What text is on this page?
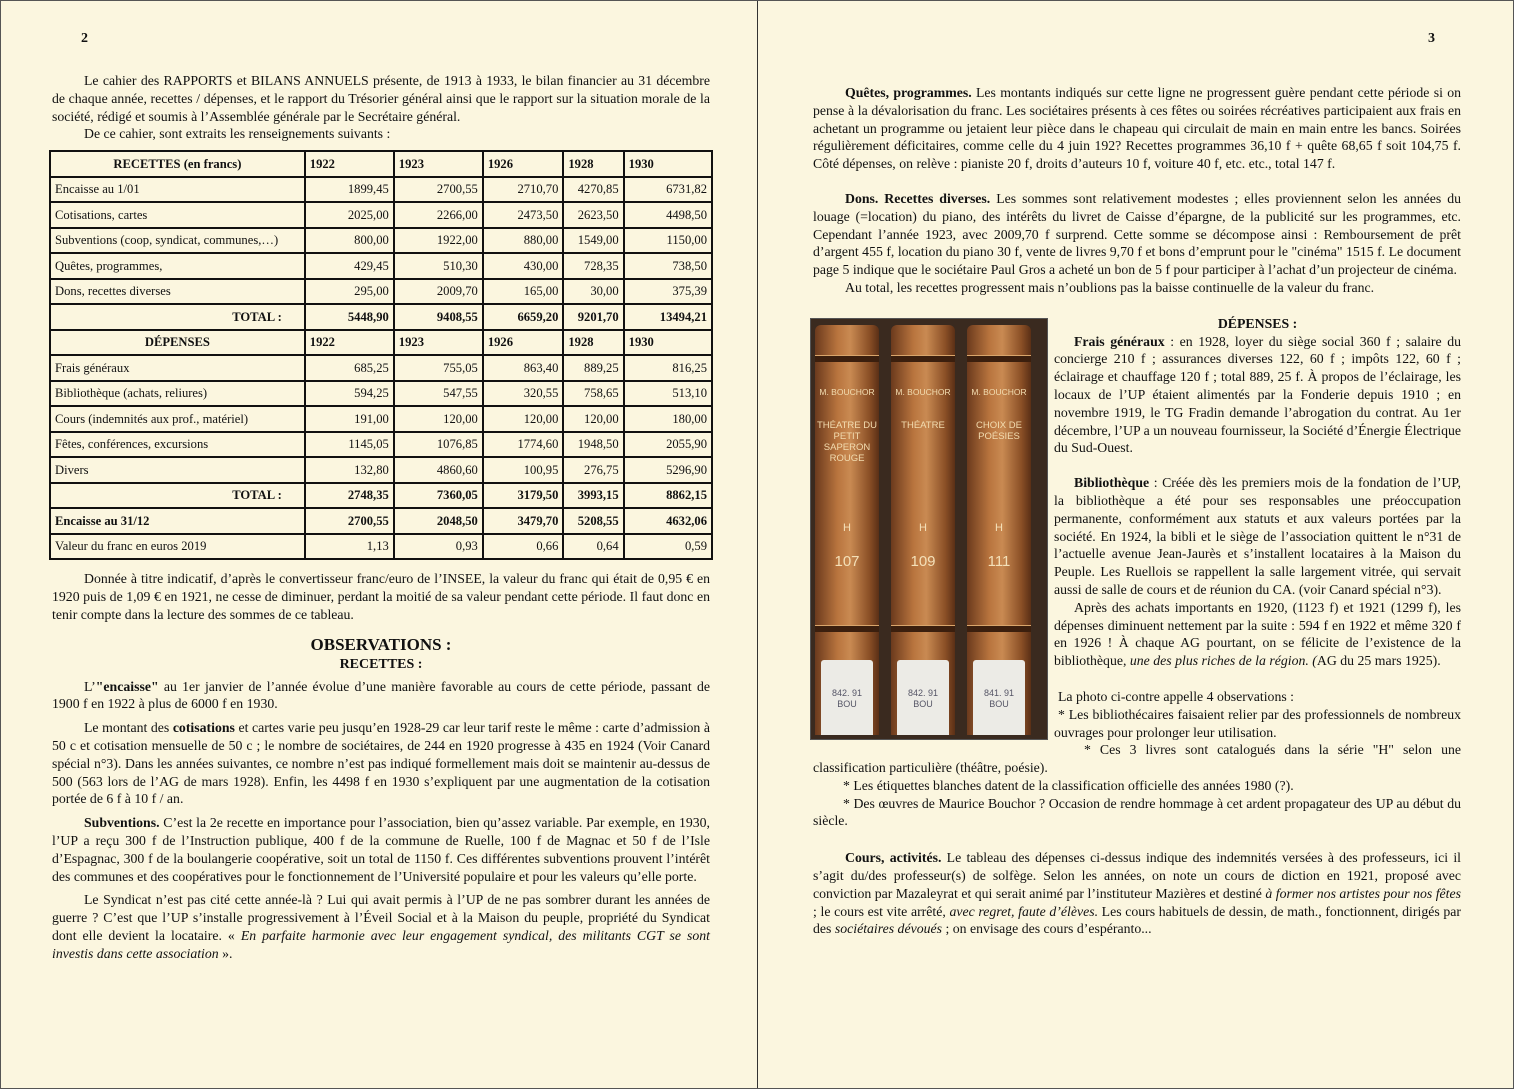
2

Le cahier des RAPPORTS et BILANS ANNUELS présente, de 1913 à 1933, le bilan financier au 31 décembre de chaque année, recettes / dépenses, et le rapport du Trésorier général ainsi que le rapport sur la situation morale de la société, rédigé et soumis à l’Assemblée générale par le Secrétaire général.

De ce cahier, sont extraits les renseignements suivants :

RECETTES (en francs)	1922	1923	1926	1928	1930
Encaisse au 1/01	1899,45	2700,55	2710,70	4270,85	6731,82
Cotisations, cartes	2025,00	2266,00	2473,50	2623,50	4498,50
Subventions (coop, syndicat, communes,…)	800,00	1922,00	880,00	1549,00	1150,00
Quêtes, programmes,	429,45	510,30	430,00	728,35	738,50
Dons, recettes diverses	295,00	2009,70	165,00	30,00	375,39
TOTAL :	5448,90	9408,55	6659,20	9201,70	13494,21
DÉPENSES	1922	1923	1926	1928	1930
Frais généraux	685,25	755,05	863,40	889,25	816,25
Bibliothèque (achats, reliures)	594,25	547,55	320,55	758,65	513,10
Cours (indemnités aux prof., matériel)	191,00	120,00	120,00	120,00	180,00
Fêtes, conférences, excursions	1145,05	1076,85	1774,60	1948,50	2055,90
Divers	132,80	4860,60	100,95	276,75	5296,90
TOTAL :	2748,35	7360,05	3179,50	3993,15	8862,15
Encaisse au 31/12	2700,55	2048,50	3479,70	5208,55	4632,06
Valeur du franc en euros 2019	1,13	0,93	0,66	0,64	0,59

Donnée à titre indicatif, d’après le convertisseur franc/euro de l’INSEE, la valeur du franc qui était de 0,95 € en 1920 puis de 1,09 € en 1921, ne cesse de diminuer, perdant la moitié de sa valeur pendant cette période. Il faut donc en tenir compte dans la lecture des sommes de ce tableau.

OBSERVATIONS :
RECETTES :

L’"encaisse" au 1er janvier de l’année évolue d’une manière favorable au cours de cette période, passant de 1900 f en 1922 à plus de 6000 f en 1930.

Le montant des cotisations et cartes varie peu jusqu’en 1928-29 car leur tarif reste le même : carte d’admission à 50 c et cotisation mensuelle de 50 c ; le nombre de sociétaires, de 244 en 1920 progresse à 435 en 1924 (Voir Canard spécial n°3). Dans les années suivantes, ce nombre n’est pas indiqué formellement mais doit se maintenir au-dessus de 500 (563 lors de l’AG de mars 1928). Enfin, les 4498 f en 1930 s’expliquent par une augmentation de la cotisation portée de 6 f à 10 f / an.

Subventions. C’est la 2e recette en importance pour l’association, bien qu’assez variable. Par exemple, en 1930, l’UP a reçu 300 f de l’Instruction publique, 400 f de la commune de Ruelle, 100 f de Magnac et 50 f de l’Isle d’Espagnac, 300 f de la boulangerie coopérative, soit un total de 1150 f. Ces différentes subventions prouvent l’intérêt des communes et des coopératives pour le fonctionnement de l’Université populaire et pour les valeurs qu’elle porte.

Le Syndicat n’est pas cité cette année-là ? Lui qui avait permis à l’UP de ne pas sombrer durant les années de guerre ? C’est que l’UP s’installe progressivement à l’Éveil Social et à la Maison du peuple, propriété du Syndicat dont elle devient la locataire. « En parfaite harmonie avec leur engagement syndical, des militants CGT se sont investis dans cette association ».

3

Quêtes, programmes. Les montants indiqués sur cette ligne ne progressent guère pendant cette période si on pense à la dévalorisation du franc. Les sociétaires présents à ces fêtes ou soirées récréatives participaient aux frais en achetant un programme ou jetaient leur pièce dans le chapeau qui circulait de main en main entre les bancs. Soirées régulièrement déficitaires, comme celle du 4 juin 192? Recettes programmes 36,10 f + quête 68,65 f soit 104,75 f. Côté dépenses, on relève : pianiste 20 f, droits d’auteurs 10 f, voiture 40 f, etc. etc., total 147 f.

Dons. Recettes diverses. Les sommes sont relativement modestes ; elles proviennent selon les années du louage (=location) du piano, des intérêts du livret de Caisse d’épargne, de la publicité sur les programmes, etc. Cependant l’année 1923, avec 2009,70 f surprend. Cette somme se décompose ainsi : Remboursement de prêt d’argent 455 f, location du piano 30 f, vente de livres 9,70 f et bons d’emprunt pour le "cinéma" 1515 f. Le document page 5 indique que le sociétaire Paul Gros a acheté un bon de 5 f pour participer à l’achat d’un projecteur de cinéma.

Au total, les recettes progressent mais n’oublions pas la baisse continuelle de la valeur du franc.

M. BOUCHOR
THÉATRE DU PETIT SAPERON ROUGE
H
107
842. 91 BOU
M. BOUCHOR
THÉATRE
H
109
842. 91 BOU
M. BOUCHOR
CHOIX DE POÉSIES
H
111
841. 91 BOU
DÉPENSES :

Frais généraux : en 1928, loyer du siège social 360 f ; salaire du concierge 210 f ; assurances diverses 122, 60 f ; impôts 122, 60 f ; éclairage et chauffage 120 f ; total 889, 25 f. À propos de l’éclairage, les locaux de l’UP étaient alimentés par la Fonderie depuis 1910 ; en novembre 1919, le TG Fradin demande l’abrogation du contrat. Au 1er décembre, l’UP a un nouveau fournisseur, la Société d’Énergie Électrique du Sud-Ouest.

Bibliothèque : Créée dès les premiers mois de la fondation de l’UP, la bibliothèque a été pour ses responsables une préoccupation permanente, conformément aux statuts et aux valeurs portées par la société. En 1924, la bibli et le siège de l’association quittent le n°31 de l’actuelle avenue Jean-Jaurès et s’installent locataires à la Maison du Peuple. Les Ruellois se rappellent la salle largement vitrée, qui servait aussi de salle de cours et de réunion du CA. (voir Canard spécial n°3).

Après des achats importants en 1920, (1123 f) et 1921 (1299 f), les dépenses diminuent nettement par la suite : 594 f en 1922 et même 320 f en 1926 ! À chaque AG pourtant, on se félicite de l’existence de la bibliothèque, une des plus riches de la région. (AG du 25 mars 1925).

La photo ci-contre appelle 4 observations :

* Les bibliothécaires faisaient relier par des professionnels de nombreux ouvrages pour prolonger leur utilisation.

* Ces 3 livres sont catalogués dans la série "H" selon une classification particulière (théâtre, poésie).

* Les étiquettes blanches datent de la classification officielle des années 1980 (?).

* Des œuvres de Maurice Bouchor ? Occasion de rendre hommage à cet ardent propagateur des UP au début du siècle.

Cours, activités. Le tableau des dépenses ci-dessus indique des indemnités versées à des professeurs, ici il s’agit du/des professeur(s) de solfège. Selon les années, on note un cours de diction en 1921, proposé avec conviction par Mazaleyrat et qui serait animé par l’instituteur Mazières et destiné à former nos artistes pour nos fêtes ; le cours est vite arrêté, avec regret, faute d’élèves. Les cours habituels de dessin, de math., fonctionnent, dirigés par des sociétaires dévoués ; on envisage des cours d’espéranto...
